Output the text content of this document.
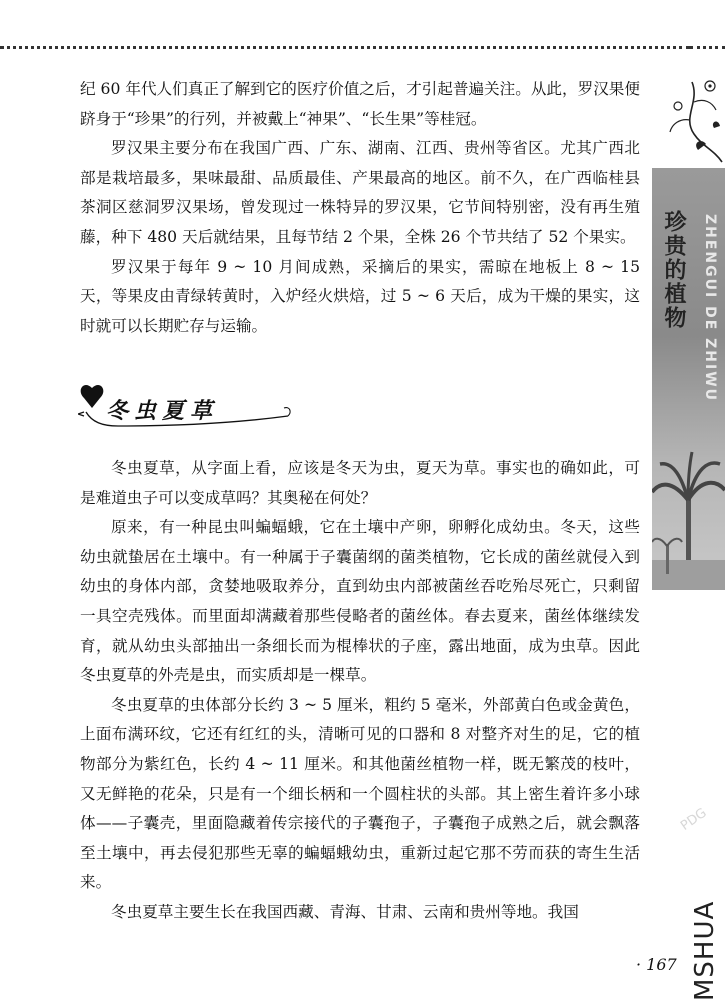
珍贵的植物	ZHENGUI DE ZHIWU

纪 60 年代人们真正了解到它的医疗价值之后，才引起普遍关注。从此，罗汉果便跻身于“珍果”的行列，并被戴上“神果”、“长生果”等桂冠。

罗汉果主要分布在我国广西、广东、湖南、江西、贵州等省区。尤其广西北部是栽培最多，果味最甜、品质最佳、产果最高的地区。前不久，在广西临桂县茶洞区慈洞罗汉果场，曾发现过一株特异的罗汉果，它节间特别密，没有再生殖藤，种下 480 天后就结果，且每节结 2 个果，全株 26 个节共结了 52 个果实。

罗汉果于每年 9 ~ 10 月间成熟，采摘后的果实，需晾在地板上 8 ~ 15 天，等果皮由青绿转黄时，入炉经火烘焙，过 5 ~ 6 天后，成为干燥的果实，这时就可以长期贮存与运输。

冬虫夏草

冬虫夏草，从字面上看，应该是冬天为虫，夏天为草。事实也的确如此，可是难道虫子可以变成草吗？其奥秘在何处？

原来，有一种昆虫叫蝙蝠蛾，它在土壤中产卵，卵孵化成幼虫。冬天，这些幼虫就蛰居在土壤中。有一种属于子囊菌纲的菌类植物，它长成的菌丝就侵入到幼虫的身体内部，贪婪地吸取养分，直到幼虫内部被菌丝吞吃殆尽死亡，只剩留一具空壳残体。而里面却满藏着那些侵略者的菌丝体。春去夏来，菌丝体继续发育，就从幼虫头部抽出一条细长而为棍棒状的子座，露出地面，成为虫草。因此冬虫夏草的外壳是虫，而实质却是一棵草。

冬虫夏草的虫体部分长约 3 ~ 5 厘米，粗约 5 毫米，外部黄白色或金黄色，上面布满环纹，它还有红红的头，清晰可见的口器和 8 对整齐对生的足，它的植物部分为紫红色，长约 4 ~ 11 厘米。和其他菌丝植物一样，既无繁茂的枝叶，又无鲜艳的花朵，只是有一个细长柄和一个圆柱状的头部。其上密生着许多小球体——子囊壳，里面隐藏着传宗接代的子囊孢子，子囊孢子成熟之后，就会飘落至土壤中，再去侵犯那些无辜的蝙蝠蛾幼虫，重新过起它那不劳而获的寄生生活来。

冬虫夏草主要生长在我国西藏、青海、甘肃、云南和贵州等地。我国

PDG
MSHUA
· 167
